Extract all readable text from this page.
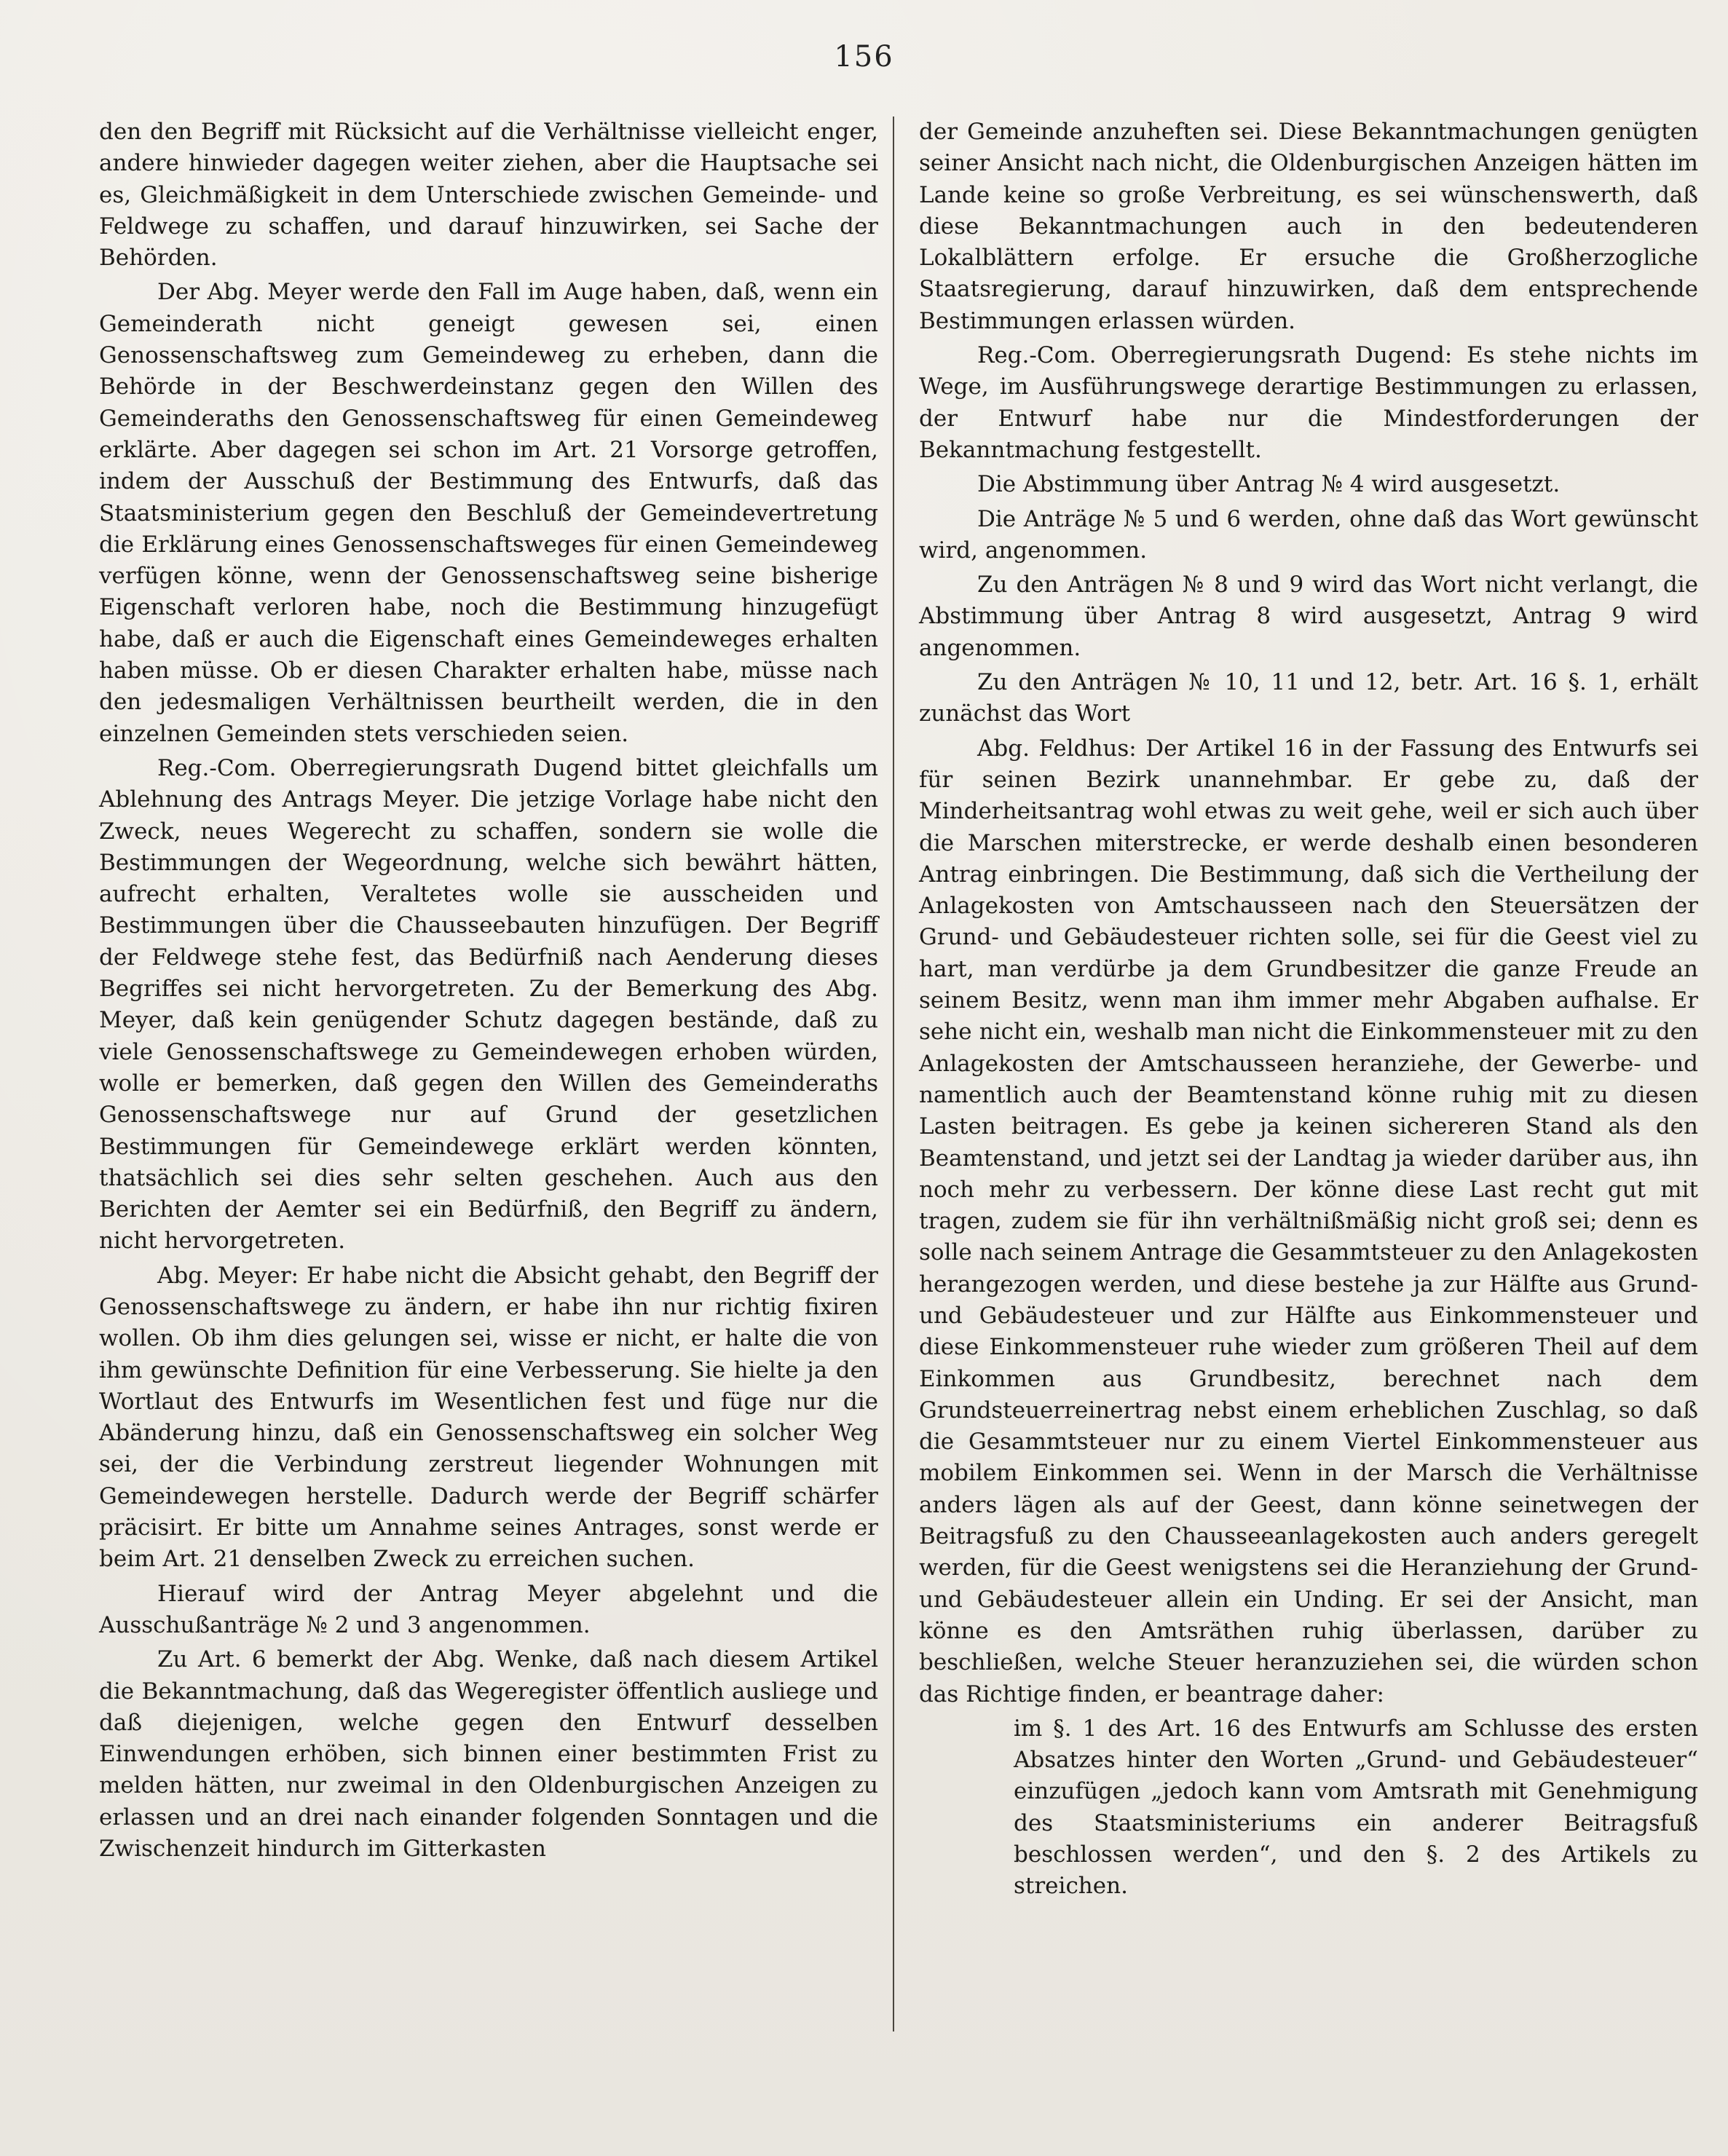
156

den den Begriff mit Rücksicht auf die Verhältnisse vielleicht enger, andere hinwieder dagegen weiter ziehen, aber die Hauptsache sei es, Gleichmäßigkeit in dem Unterschiede zwischen Gemeinde- und Feldwege zu schaffen, und darauf hinzuwirken, sei Sache der Behörden.

Der Abg. Meyer werde den Fall im Auge haben, daß, wenn ein Gemeinderath nicht geneigt gewesen sei, einen Genossenschaftsweg zum Gemeindeweg zu erheben, dann die Behörde in der Beschwerdeinstanz gegen den Willen des Gemeinderaths den Genossenschaftsweg für einen Gemeindeweg erklärte. Aber dagegen sei schon im Art. 21 Vorsorge getroffen, indem der Ausschuß der Bestimmung des Entwurfs, daß das Staatsministerium gegen den Beschluß der Gemeindevertretung die Erklärung eines Genossenschaftsweges für einen Gemeindeweg verfügen könne, wenn der Genossenschaftsweg seine bisherige Eigenschaft verloren habe, noch die Bestimmung hinzugefügt habe, daß er auch die Eigenschaft eines Gemeindeweges erhalten haben müsse. Ob er diesen Charakter erhalten habe, müsse nach den jedesmaligen Verhältnissen beurtheilt werden, die in den einzelnen Gemeinden stets verschieden seien.

Reg.-Com. Oberregierungsrath Dugend bittet gleichfalls um Ablehnung des Antrags Meyer. Die jetzige Vorlage habe nicht den Zweck, neues Wegerecht zu schaffen, sondern sie wolle die Bestimmungen der Wegeordnung, welche sich bewährt hätten, aufrecht erhalten, Veraltetes wolle sie ausscheiden und Bestimmungen über die Chausseebauten hinzufügen. Der Begriff der Feldwege stehe fest, das Bedürfniß nach Aenderung dieses Begriffes sei nicht hervorgetreten. Zu der Bemerkung des Abg. Meyer, daß kein genügender Schutz dagegen bestände, daß zu viele Genossenschaftswege zu Gemeindewegen erhoben würden, wolle er bemerken, daß gegen den Willen des Gemeinderaths Genossenschaftswege nur auf Grund der gesetzlichen Bestimmungen für Gemeindewege erklärt werden könnten, thatsächlich sei dies sehr selten geschehen. Auch aus den Berichten der Aemter sei ein Bedürfniß, den Begriff zu ändern, nicht hervorgetreten.

Abg. Meyer: Er habe nicht die Absicht gehabt, den Begriff der Genossenschaftswege zu ändern, er habe ihn nur richtig fixiren wollen. Ob ihm dies gelungen sei, wisse er nicht, er halte die von ihm gewünschte Definition für eine Verbesserung. Sie hielte ja den Wortlaut des Entwurfs im Wesentlichen fest und füge nur die Abänderung hinzu, daß ein Genossenschaftsweg ein solcher Weg sei, der die Verbindung zerstreut liegender Wohnungen mit Gemeindewegen herstelle. Dadurch werde der Begriff schärfer präcisirt. Er bitte um Annahme seines Antrages, sonst werde er beim Art. 21 denselben Zweck zu erreichen suchen.

Hierauf wird der Antrag Meyer abgelehnt und die Ausschußanträge № 2 und 3 angenommen.

Zu Art. 6 bemerkt der Abg. Wenke, daß nach diesem Artikel die Bekanntmachung, daß das Wegeregister öffentlich ausliege und daß diejenigen, welche gegen den Entwurf desselben Einwendungen erhöben, sich binnen einer bestimmten Frist zu melden hätten, nur zweimal in den Oldenburgischen Anzeigen zu erlassen und an drei nach einander folgenden Sonntagen und die Zwischenzeit hindurch im Gitterkasten

der Gemeinde anzuheften sei. Diese Bekanntmachungen genügten seiner Ansicht nach nicht, die Oldenburgischen Anzeigen hätten im Lande keine so große Verbreitung, es sei wünschenswerth, daß diese Bekanntmachungen auch in den bedeutenderen Lokalblättern erfolge. Er ersuche die Großherzogliche Staatsregierung, darauf hinzuwirken, daß dem entsprechende Bestimmungen erlassen würden.

Reg.-Com. Oberregierungsrath Dugend: Es stehe nichts im Wege, im Ausführungswege derartige Bestimmungen zu erlassen, der Entwurf habe nur die Mindestforderungen der Bekanntmachung festgestellt.

Die Abstimmung über Antrag № 4 wird ausgesetzt.

Die Anträge № 5 und 6 werden, ohne daß das Wort gewünscht wird, angenommen.

Zu den Anträgen № 8 und 9 wird das Wort nicht verlangt, die Abstimmung über Antrag 8 wird ausgesetzt, Antrag 9 wird angenommen.

Zu den Anträgen № 10, 11 und 12, betr. Art. 16 §. 1, erhält zunächst das Wort

Abg. Feldhus: Der Artikel 16 in der Fassung des Entwurfs sei für seinen Bezirk unannehmbar. Er gebe zu, daß der Minderheitsantrag wohl etwas zu weit gehe, weil er sich auch über die Marschen miterstrecke, er werde deshalb einen besonderen Antrag einbringen. Die Bestimmung, daß sich die Vertheilung der Anlagekosten von Amtschausseen nach den Steuersätzen der Grund- und Gebäudesteuer richten solle, sei für die Geest viel zu hart, man verdürbe ja dem Grundbesitzer die ganze Freude an seinem Besitz, wenn man ihm immer mehr Abgaben aufhalse. Er sehe nicht ein, weshalb man nicht die Einkommensteuer mit zu den Anlagekosten der Amtschausseen heranziehe, der Gewerbe- und namentlich auch der Beamtenstand könne ruhig mit zu diesen Lasten beitragen. Es gebe ja keinen sichereren Stand als den Beamtenstand, und jetzt sei der Landtag ja wieder darüber aus, ihn noch mehr zu verbessern. Der könne diese Last recht gut mit tragen, zudem sie für ihn verhältnißmäßig nicht groß sei; denn es solle nach seinem Antrage die Gesammtsteuer zu den Anlagekosten herangezogen werden, und diese bestehe ja zur Hälfte aus Grund- und Gebäudesteuer und zur Hälfte aus Einkommensteuer und diese Einkommensteuer ruhe wieder zum größeren Theil auf dem Einkommen aus Grundbesitz, berechnet nach dem Grundsteuerreinertrag nebst einem erheblichen Zuschlag, so daß die Gesammtsteuer nur zu einem Viertel Einkommensteuer aus mobilem Einkommen sei. Wenn in der Marsch die Verhältnisse anders lägen als auf der Geest, dann könne seinetwegen der Beitragsfuß zu den Chausseeanlagekosten auch anders geregelt werden, für die Geest wenigstens sei die Heranziehung der Grund- und Gebäudesteuer allein ein Unding. Er sei der Ansicht, man könne es den Amtsräthen ruhig überlassen, darüber zu beschließen, welche Steuer heranzuziehen sei, die würden schon das Richtige finden, er beantrage daher:

im §. 1 des Art. 16 des Entwurfs am Schlusse des ersten Absatzes hinter den Worten „Grund- und Gebäudesteuer“ einzufügen „jedoch kann vom Amtsrath mit Genehmigung des Staatsministeriums ein anderer Beitragsfuß beschlossen werden“, und den §. 2 des Artikels zu streichen.
